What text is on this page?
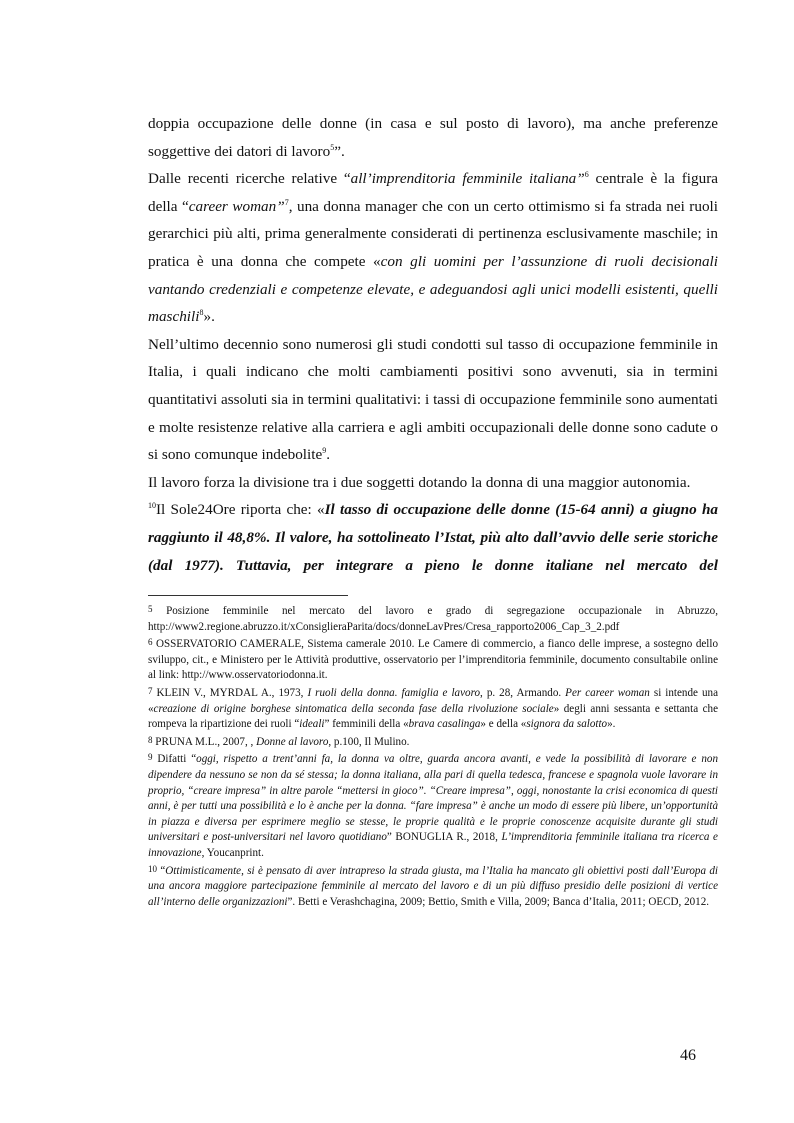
doppia occupazione delle donne (in casa e sul posto di lavoro), ma anche preferenze soggettive dei datori di lavoro$^5$”.

Dalle recenti ricerche relative “all’imprenditoria femminile italiana”$^6$ centrale è la figura della “career woman”$^7$, una donna manager che con un certo ottimismo si fa strada nei ruoli gerarchici più alti, prima generalmente considerati di pertinenza esclusivamente maschile; in pratica è una donna che compete «con gli uomini per l’assunzione di ruoli decisionali vantando credenziali e competenze elevate, e adeguandosi agli unici modelli esistenti, quelli maschili$^8$».

Nell’ultimo decennio sono numerosi gli studi condotti sul tasso di occupazione femminile in Italia, i quali indicano che molti cambiamenti positivi sono avvenuti, sia in termini quantitativi assoluti sia in termini qualitativi: i tassi di occupazione femminile sono aumentati e molte resistenze relative alla carriera e agli ambiti occupazionali delle donne sono cadute o si sono comunque indebolite$^9$.

Il lavoro forza la divisione tra i due soggetti dotando la donna di una maggior autonomia.

$^{10}$Il Sole24Ore riporta che: «Il tasso di occupazione delle donne (15-64 anni) a giugno ha raggiunto il 48,8%. Il valore, ha sottolineato l’Istat, più alto dall’avvio delle serie storiche (dal 1977). Tuttavia, per integrare a pieno le donne italiane nel mercato del

5 Posizione femminile nel mercato del lavoro e grado di segregazione occupazionale in Abruzzo, http://www2.regione.abruzzo.it/xConsiglieraParita/docs/donneLavPres/Cresa_rapporto2006_Cap_3_2.pdf

6 OSSERVATORIO CAMERALE, Sistema camerale 2010. Le Camere di commercio, a fianco delle imprese, a sostegno dello sviluppo, cit., e Ministero per le Attività produttive, osservatorio per l’imprenditoria femminile, documento consultabile online al link: http://www.osservatoriodonna.it.

7 KLEIN V., MYRDAL A., 1973, I ruoli della donna. famiglia e lavoro, p. 28, Armando. Per career woman si intende una «creazione di origine borghese sintomatica della seconda fase della rivoluzione sociale» degli anni sessanta e settanta che rompeva la ripartizione dei ruoli “ideali” femminili della «brava casalinga» e della «signora da salotto».

8 PRUNA M.L., 2007, , Donne al lavoro, p.100, Il Mulino.

9 Difatti “oggi, rispetto a trent’anni fa, la donna va oltre, guarda ancora avanti, e vede la possibilità di lavorare e non dipendere da nessuno se non da sé stessa; la donna italiana, alla pari di quella tedesca, francese e spagnola vuole lavorare in proprio, “creare impresa” in altre parole “mettersi in gioco”. “Creare impresa”, oggi, nonostante la crisi economica di questi anni, è per tutti una possibilità e lo è anche per la donna. “fare impresa” è anche un modo di essere più libere, un’opportunità in piazza e diversa per esprimere meglio se stesse, le proprie qualità e le proprie conoscenze acquisite durante gli studi universitari e post-universitari nel lavoro quotidiano” BONUGLIA R., 2018, L’imprenditoria femminile italiana tra ricerca e innovazione, Youcanprint.

10 “Ottimisticamente, si è pensato di aver intrapreso la strada giusta, ma l’Italia ha mancato gli obiettivi posti dall’Europa di una ancora maggiore partecipazione femminile al mercato del lavoro e di un più diffuso presidio delle posizioni di vertice all’interno delle organizzazioni”. Betti e Verashchagina, 2009; Bettio, Smith e Villa, 2009; Banca d’Italia, 2011; OECD, 2012.

46
